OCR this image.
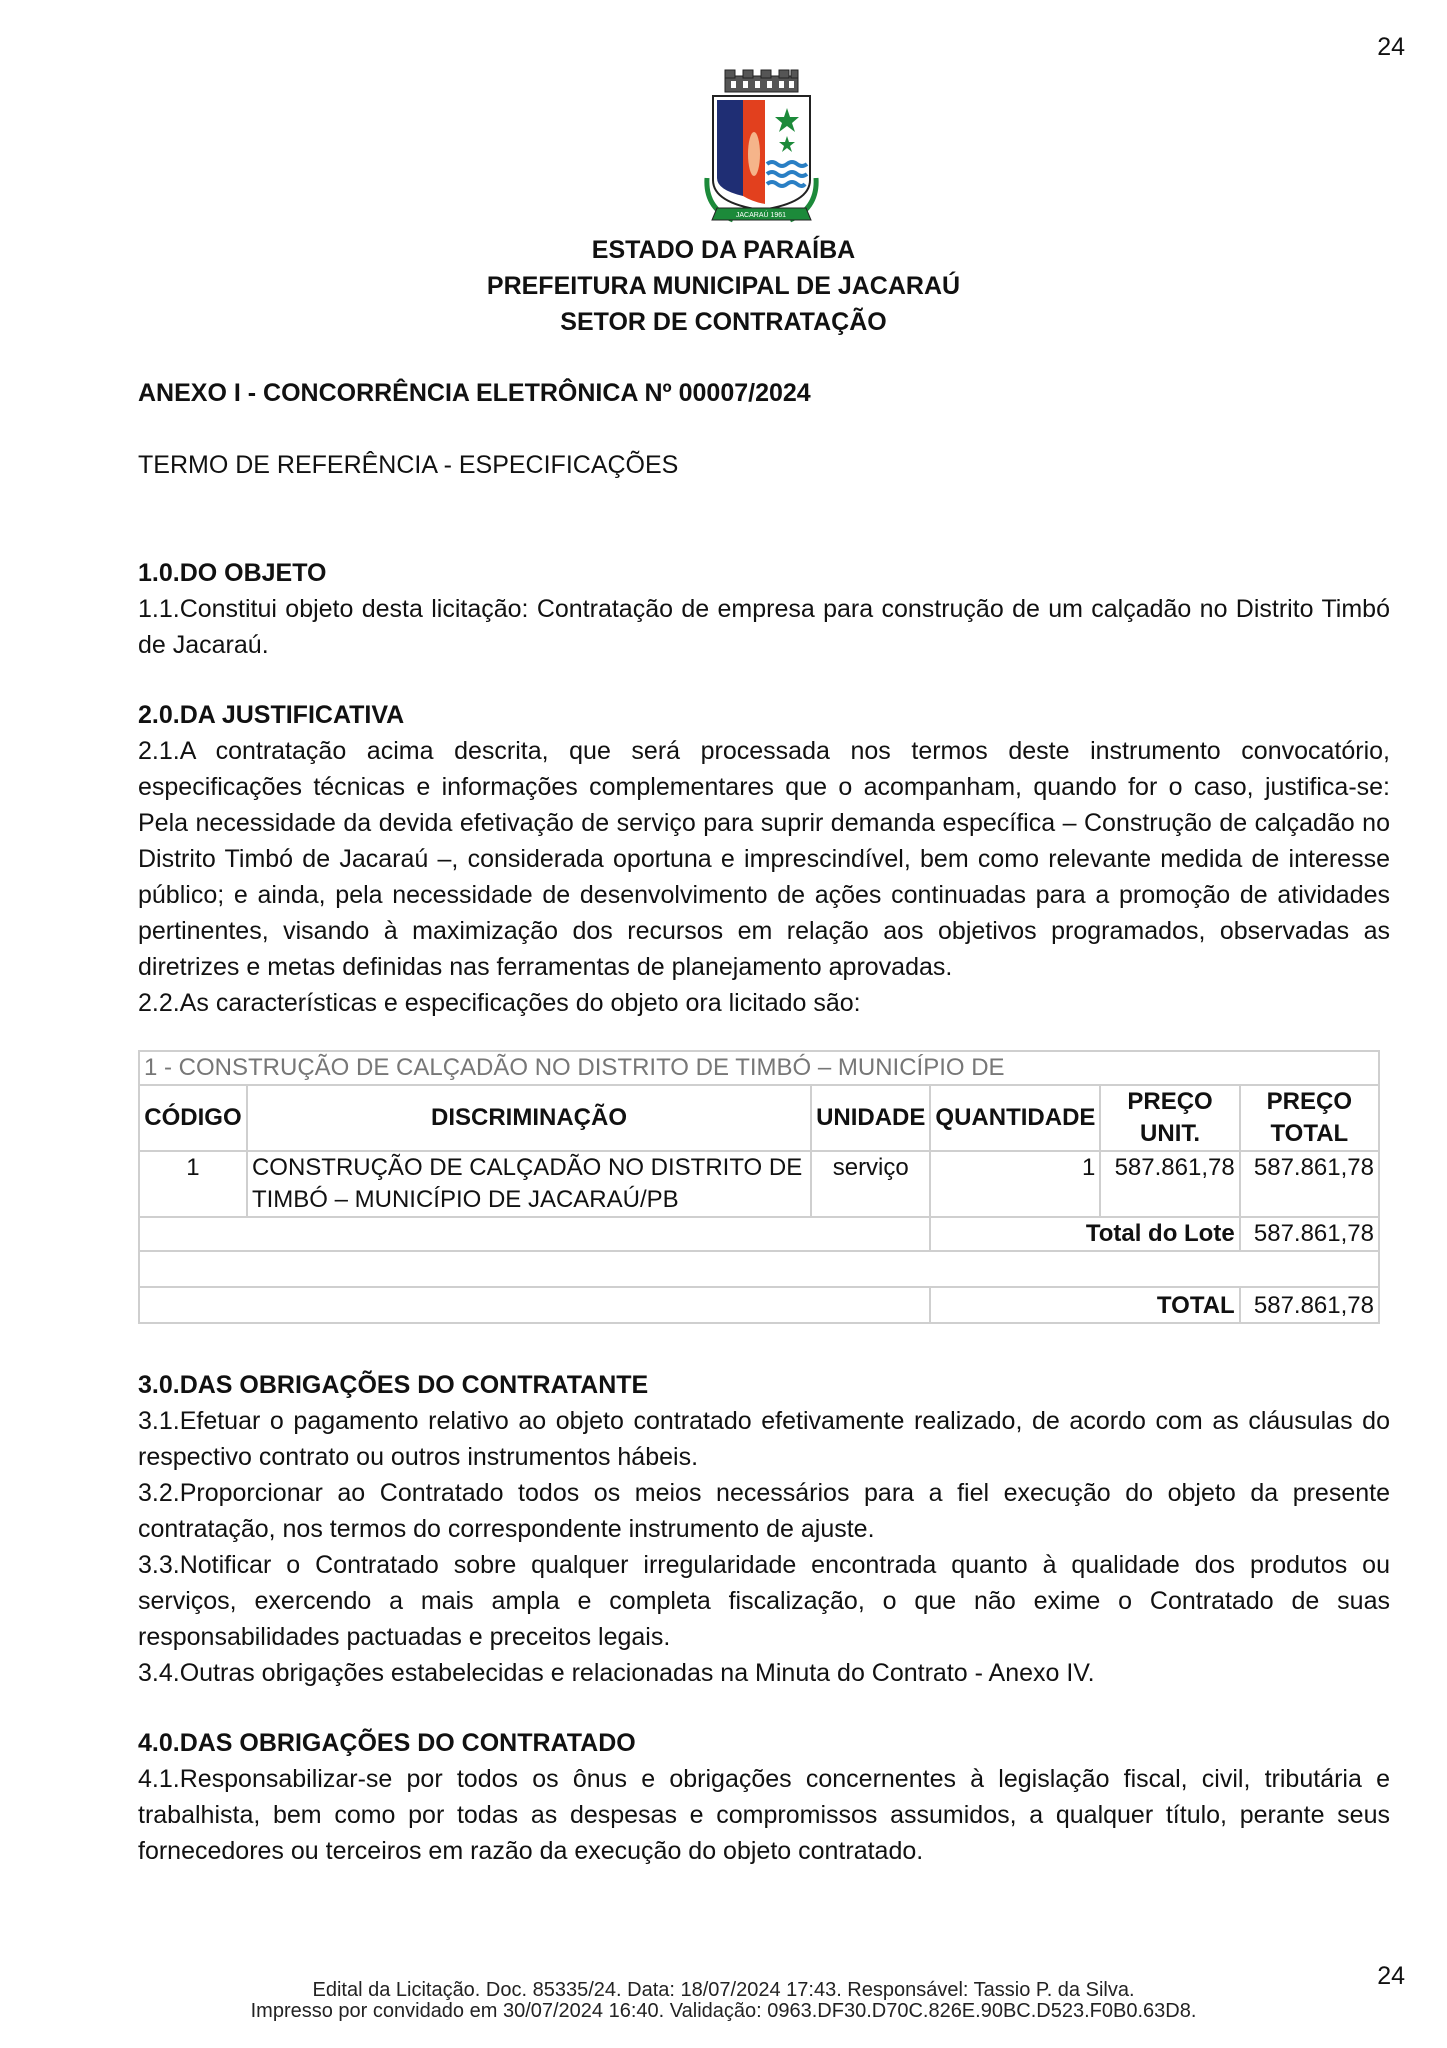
24
JACARAÚ 1961
ESTADO DA PARAÍBA
PREFEITURA MUNICIPAL DE JACARAÚ
SETOR DE CONTRATAÇÃO
ANEXO I - CONCORRÊNCIA ELETRÔNICA Nº 00007/2024
TERMO DE REFERÊNCIA - ESPECIFICAÇÕES
1.0.DO OBJETO

1.1.Constitui objeto desta licitação: Contratação de empresa para construção de um calçadão no Distrito Timbó de Jacaraú.

2.0.DA JUSTIFICATIVA

2.1.A contratação acima descrita, que será processada nos termos deste instrumento convocatório, especificações técnicas e informações complementares que o acompanham, quando for o caso, justifica-se: Pela necessidade da devida efetivação de serviço para suprir demanda específica – Construção de calçadão no Distrito Timbó de Jacaraú –, considerada oportuna e imprescindível, bem como relevante medida de interesse público; e ainda, pela necessidade de desenvolvimento de ações continuadas para a promoção de atividades pertinentes, visando à maximização dos recursos em relação aos objetivos programados, observadas as diretrizes e metas definidas nas ferramentas de planejamento aprovadas.

2.2.As características e especificações do objeto ora licitado são:

1 - CONSTRUÇÃO DE CALÇADÃO NO DISTRITO DE TIMBÓ – MUNICÍPIO DE					
CÓDIGO	DISCRIMINAÇÃO	UNIDADE	QUANTIDADE	PREÇO UNIT.	PREÇO TOTAL
1	CONSTRUÇÃO DE CALÇADÃO NO DISTRITO DE TIMBÓ – MUNICÍPIO DE JACARAÚ/PB	serviço	1	587.861,78	587.861,78
			Total do Lote		587.861,78

			TOTAL		587.861,78
3.0.DAS OBRIGAÇÕES DO CONTRATANTE

3.1.Efetuar o pagamento relativo ao objeto contratado efetivamente realizado, de acordo com as cláusulas do respectivo contrato ou outros instrumentos hábeis.

3.2.Proporcionar ao Contratado todos os meios necessários para a fiel execução do objeto da presente contratação, nos termos do correspondente instrumento de ajuste.

3.3.Notificar o Contratado sobre qualquer irregularidade encontrada quanto à qualidade dos produtos ou serviços, exercendo a mais ampla e completa fiscalização, o que não exime o Contratado de suas responsabilidades pactuadas e preceitos legais.

3.4.Outras obrigações estabelecidas e relacionadas na Minuta do Contrato - Anexo IV.

4.0.DAS OBRIGAÇÕES DO CONTRATADO

4.1.Responsabilizar-se por todos os ônus e obrigações concernentes à legislação fiscal, civil, tributária e trabalhista, bem como por todas as despesas e compromissos assumidos, a qualquer título, perante seus fornecedores ou terceiros em razão da execução do objeto contratado.

24
Edital da Licitação. Doc. 85335/24. Data: 18/07/2024 17:43. Responsável: Tassio P. da Silva.
Impresso por convidado em 30/07/2024 16:40. Validação: 0963.DF30.D70C.826E.90BC.D523.F0B0.63D8.
